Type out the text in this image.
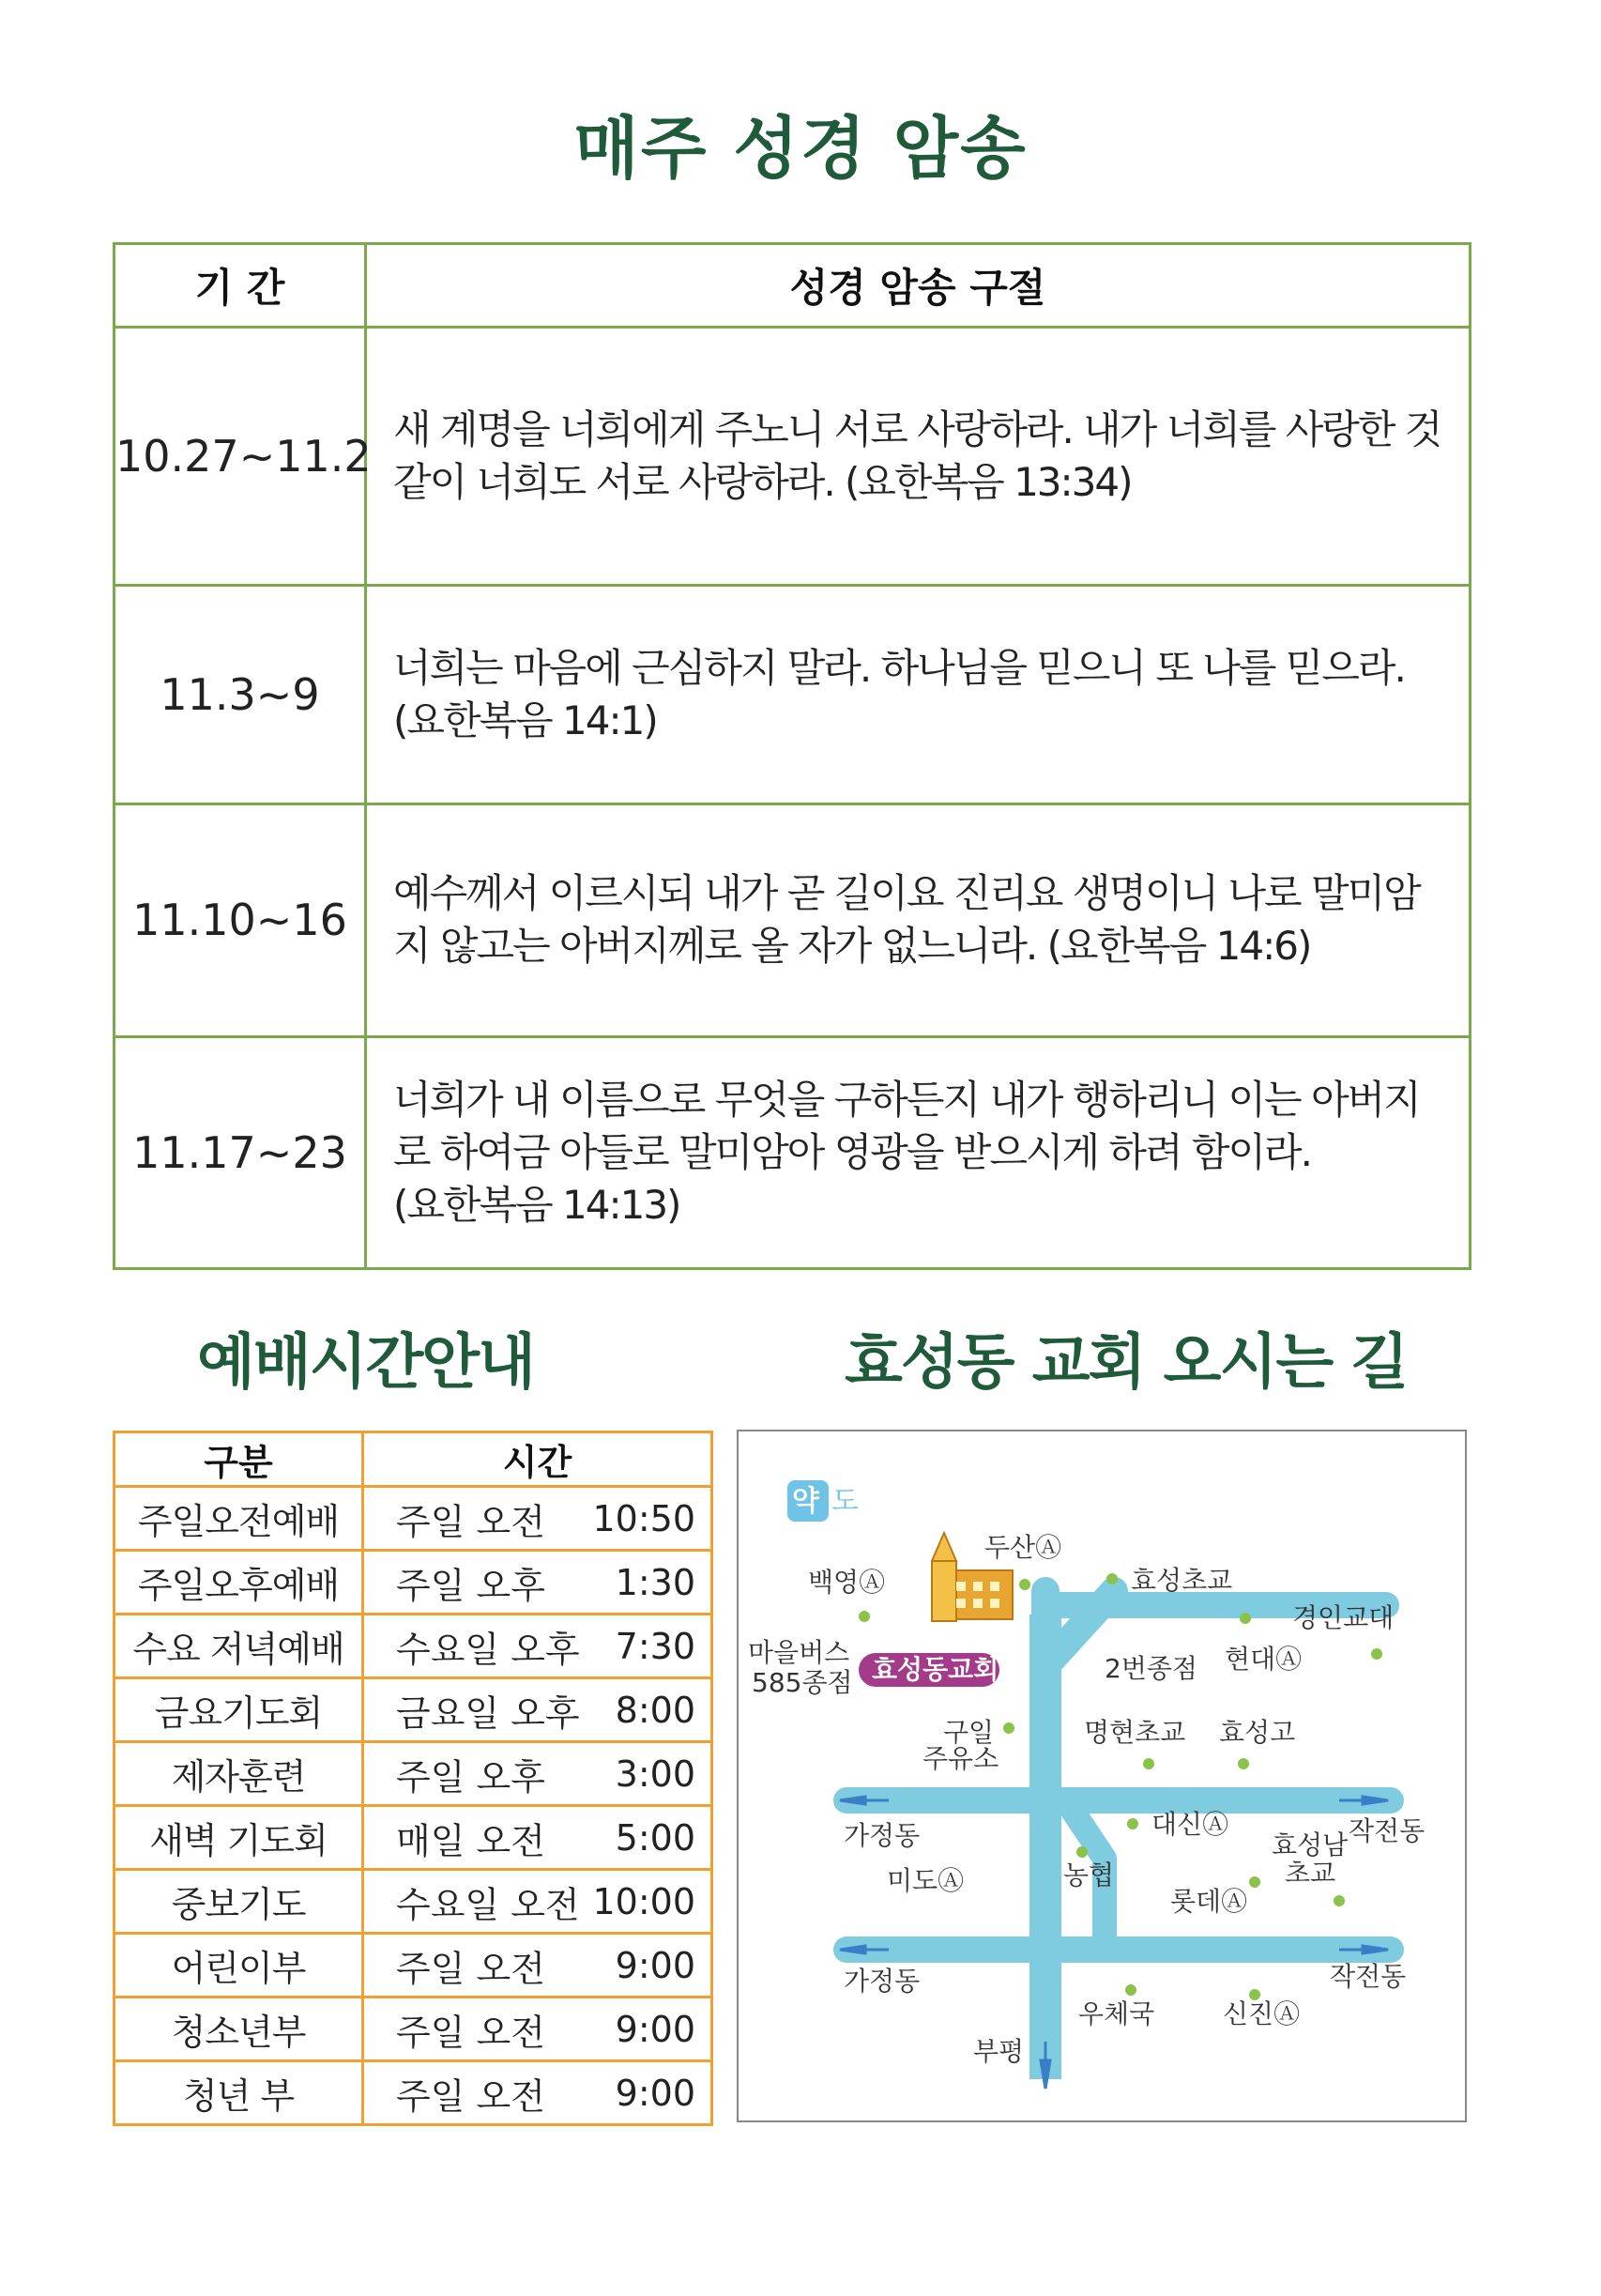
매주 성경 암송
기 간	성경 암송 구절
10.27~11.2	새 계명을 너희에게 주노니 서로 사랑하라. 내가 너희를 사랑한 것 같이 너희도 서로 사랑하라. (요한복음 13:34)
11.3~9	너희는 마음에 근심하지 말라. 하나님을 믿으니 또 나를 믿으라.
(요한복음 14:1)

11.10~16	예수께서 이르시되 내가 곧 길이요 진리요 생명이니 나로 말미암지 않고는 아버지께로 올 자가 없느니라. (요한복음 14:6)
11.17~23	너희가 내 이름으로 무엇을 구하든지 내가 행하리니 이는 아버지로 하여금 아들로 말미암아 영광을 받으시게 하려 함이라.
(요한복음 14:13)
예배시간안내	효성동 교회 오시는 길
구분	시간
주일오전예배	주일 오전 10:50

주일오후예배	주일 오후 1:30

수요 저녁예배	수요일 오후 7:30

금요기도회	금요일 오후 8:00

제자훈련	주일 오후 3:00

새벽 기도회	매일 오전 5:00

중보기도	수요일 오전 10:00

어린이부	주일 오전 9:00

청소년부	주일 오전 9:00

청년 부	주일 오전 9:00
약 도
약도
효성동교회
두산Ⓐ
효성초교
백영Ⓐ
경인교대
마을버스
585종점	2번종점 현대Ⓐ
구일
주유소
명현초교 효성고
가정동	대신Ⓐ
효성남
초교
작전동
미도Ⓐ	농협
롯데Ⓐ
가정동	작전동
우체국	신진Ⓐ
부평
